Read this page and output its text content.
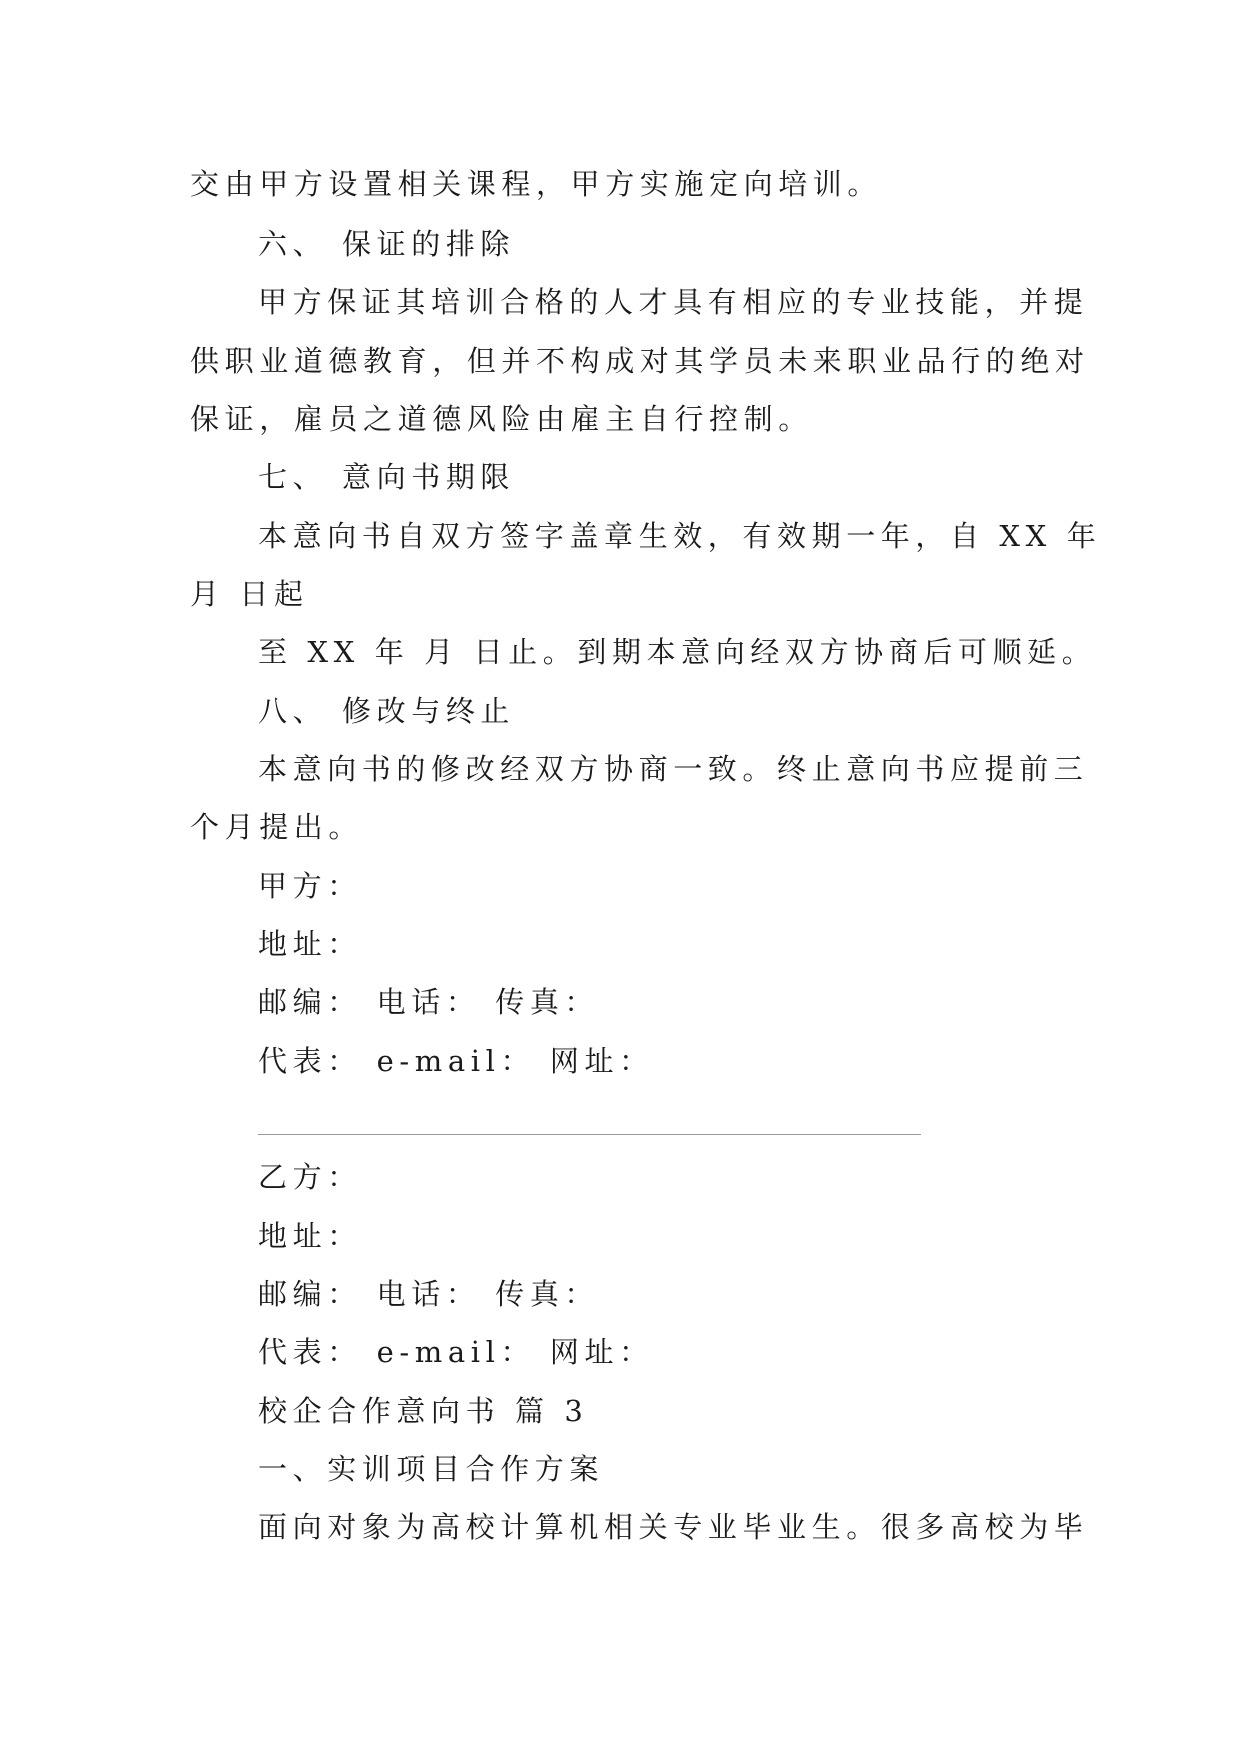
交由甲方设置相关课程，甲方实施定向培训。
六、 保证的排除
甲方保证其培训合格的人才具有相应的专业技能，并提
供职业道德教育，但并不构成对其学员未来职业品行的绝对
保证，雇员之道德风险由雇主自行控制。
七、 意向书期限
本意向书自双方签字盖章生效，有效期一年，自 XX 年
月 日起
至 XX 年 月 日止。到期本意向经双方协商后可顺延。
八、 修改与终止
本意向书的修改经双方协商一致。终止意向书应提前三
个月提出。
甲方：
地址：
邮编： 电话： 传真：
代表： e-mail： 网址：
乙方：
地址：
邮编： 电话： 传真：
代表： e-mail： 网址：
校企合作意向书 篇 3
一、实训项目合作方案
面向对象为高校计算机相关专业毕业生。很多高校为毕
